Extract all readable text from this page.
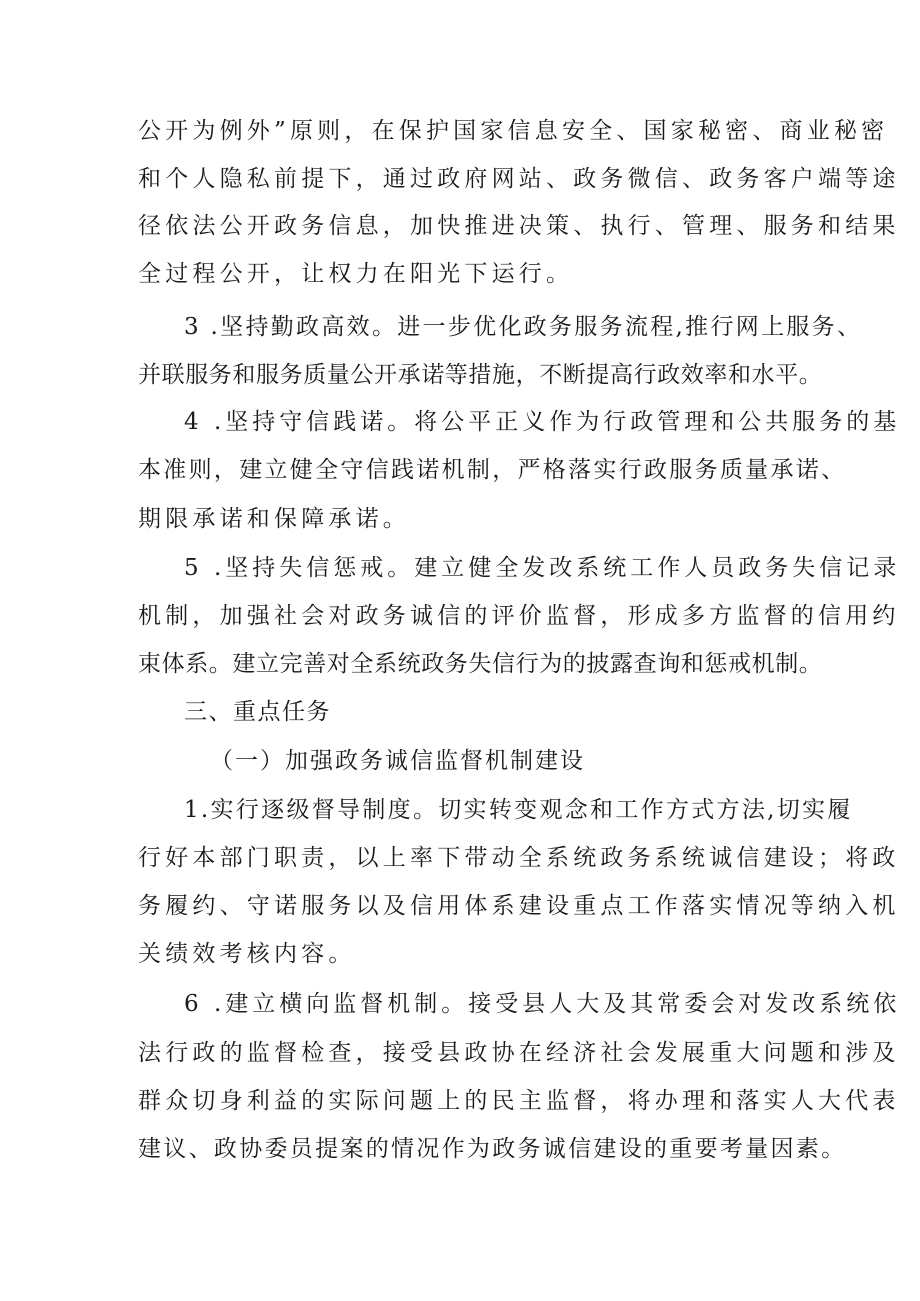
公开为例外”原则，在保护国家信息安全、国家秘密、商业秘密
和个人隐私前提下，通过政府网站、政务微信、政务客户端等途
径依法公开政务信息，加快推进决策、执行、管理、服务和结果
全过程公开，让权力在阳光下运行。
3 .坚持勤政高效。进一步优化政务服务流程,推行网上服务、
并联服务和服务质量公开承诺等措施，不断提高行政效率和水平。
4 .坚持守信践诺。将公平正义作为行政管理和公共服务的基
本准则，建立健全守信践诺机制，严格落实行政服务质量承诺、
期限承诺和保障承诺。
5 .坚持失信惩戒。建立健全发改系统工作人员政务失信记录
机制，加强社会对政务诚信的评价监督，形成多方监督的信用约
束体系。建立完善对全系统政务失信行为的披露查询和惩戒机制。
三、重点任务
（一）加强政务诚信监督机制建设
1.实行逐级督导制度。切实转变观念和工作方式方法,切实履
行好本部门职责，以上率下带动全系统政务系统诚信建设；将政
务履约、守诺服务以及信用体系建设重点工作落实情况等纳入机
关绩效考核内容。
6 .建立横向监督机制。接受县人大及其常委会对发改系统依
法行政的监督检查，接受县政协在经济社会发展重大问题和涉及
群众切身利益的实际问题上的民主监督，将办理和落实人大代表
建议、政协委员提案的情况作为政务诚信建设的重要考量因素。
